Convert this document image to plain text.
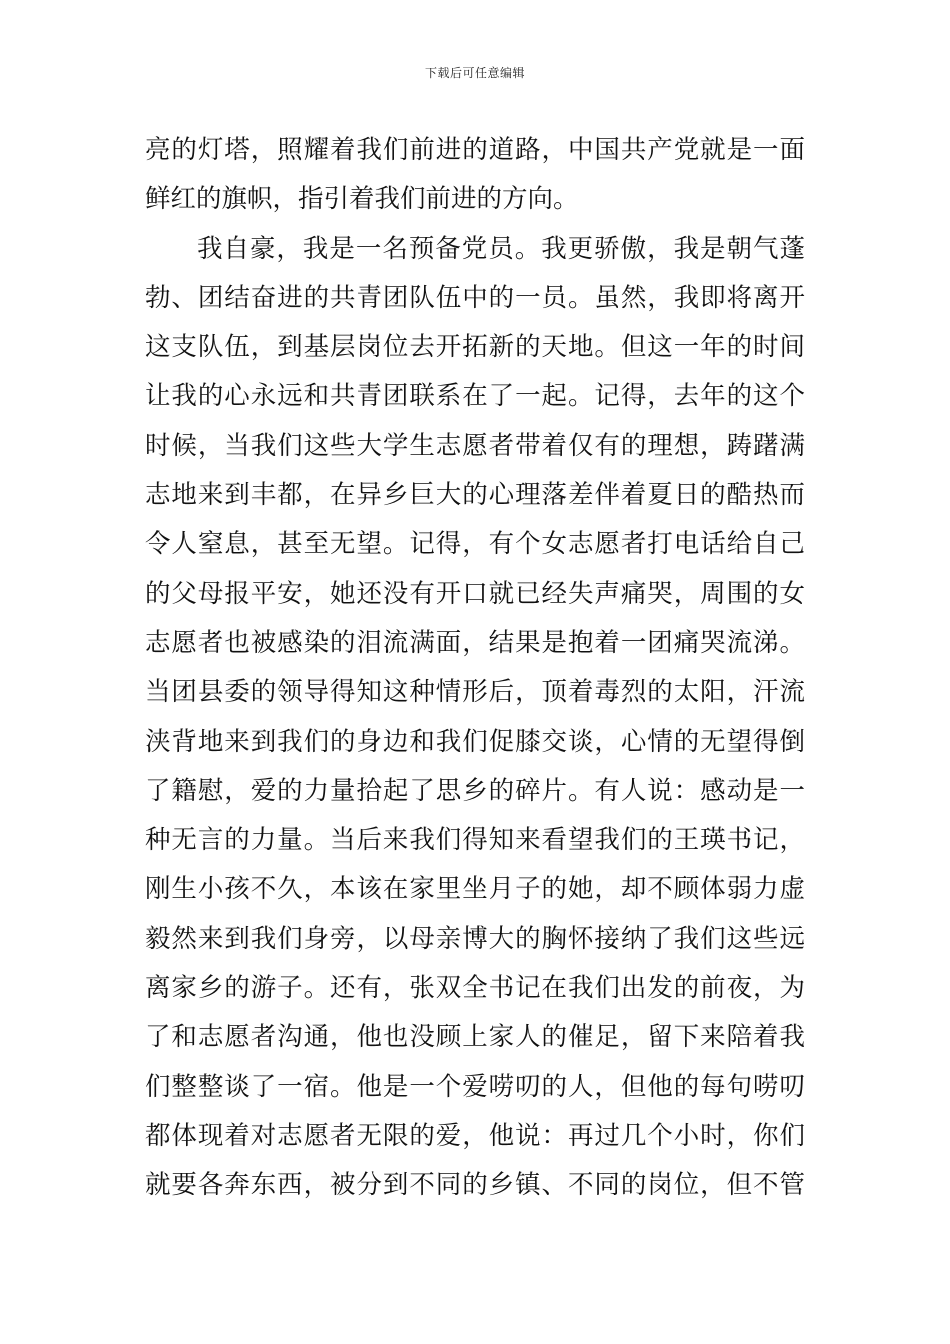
下载后可任意编辑
亮的灯塔，照耀着我们前进的道路，中国共产党就是一面
鲜红的旗帜，指引着我们前进的方向。
我自豪，我是一名预备党员。我更骄傲，我是朝气蓬
勃、团结奋进的共青团队伍中的一员。虽然，我即将离开
这支队伍，到基层岗位去开拓新的天地。但这一年的时间
让我的心永远和共青团联系在了一起。记得，去年的这个
时候，当我们这些大学生志愿者带着仅有的理想，踌躇满
志地来到丰都，在异乡巨大的心理落差伴着夏日的酷热而
令人窒息，甚至无望。记得，有个女志愿者打电话给自己
的父母报平安，她还没有开口就已经失声痛哭，周围的女
志愿者也被感染的泪流满面，结果是抱着一团痛哭流涕。
当团县委的领导得知这种情形后，顶着毒烈的太阳，汗流
浃背地来到我们的身边和我们促膝交谈，心情的无望得倒
了籍慰，爱的力量拾起了思乡的碎片。有人说：感动是一
种无言的力量。当后来我们得知来看望我们的王瑛书记，
刚生小孩不久，本该在家里坐月子的她，却不顾体弱力虚
毅然来到我们身旁，以母亲博大的胸怀接纳了我们这些远
离家乡的游子。还有，张双全书记在我们出发的前夜，为
了和志愿者沟通，他也没顾上家人的催足，留下来陪着我
们整整谈了一宿。他是一个爱唠叨的人，但他的每句唠叨
都体现着对志愿者无限的爱，他说：再过几个小时，你们
就要各奔东西，被分到不同的乡镇、不同的岗位，但不管
